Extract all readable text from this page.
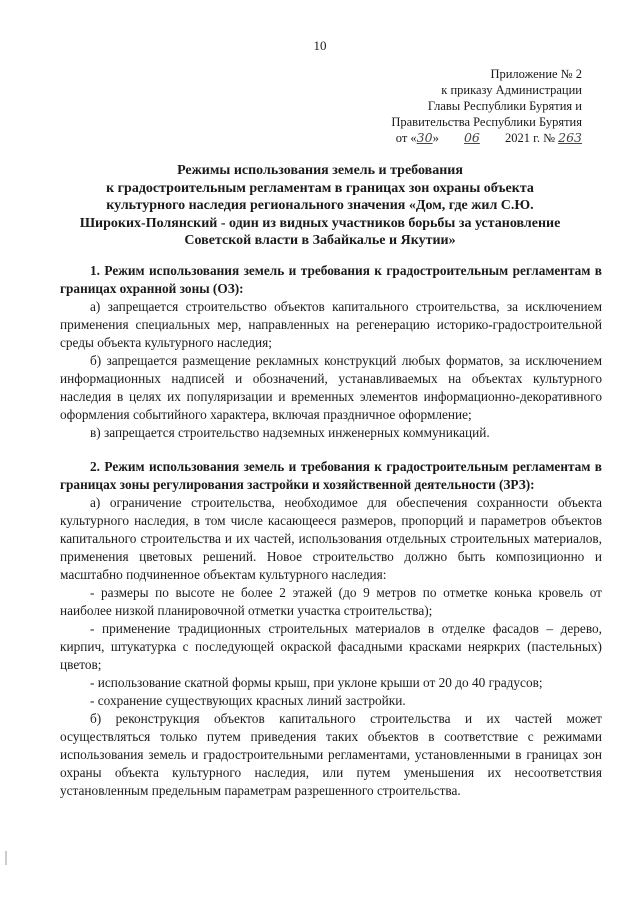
10
Приложение № 2
к приказу Администрации
Главы Республики Бурятия и
Правительства Республики Бурятия
от «30» 06 2021 г. № 263
Режимы использования земель и требования
к градостроительным регламентам в границах зон охраны объекта
культурного наследия регионального значения «Дом, где жил С.Ю.
Широких-Полянский - один из видных участников борьбы за установление
Советской власти в Забайкалье и Якутии»

1. Режим использования земель и требования к градостроительным регламентам в границах охранной зоны (ОЗ):

а) запрещается строительство объектов капитального строительства, за исключением применения специальных мер, направленных на регенерацию историко-градостроительной среды объекта культурного наследия;

б) запрещается размещение рекламных конструкций любых форматов, за исключением информационных надписей и обозначений, устанавливаемых на объектах культурного наследия в целях их популяризации и временных элементов информационно-декоративного оформления событийного характера, включая праздничное оформление;

в) запрещается строительство надземных инженерных коммуникаций.

2. Режим использования земель и требования к градостроительным регламентам в границах зоны регулирования застройки и хозяйственной деятельности (ЗРЗ):

а) ограничение строительства, необходимое для обеспечения сохранности объекта культурного наследия, в том числе касающееся размеров, пропорций и параметров объектов капитального строительства и их частей, использования отдельных строительных материалов, применения цветовых решений. Новое строительство должно быть композиционно и масштабно подчиненное объектам культурного наследия:

- размеры по высоте не более 2 этажей (до 9 метров по отметке конька кровель от наиболее низкой планировочной отметки участка строительства);

- применение традиционных строительных материалов в отделке фасадов – дерево, кирпич, штукатурка с последующей окраской фасадными красками неяркрих (пастельных) цветов;

- использование скатной формы крыш, при уклоне крыши от 20 до 40 градусов;

- сохранение существующих красных линий застройки.

б) реконструкция объектов капитального строительства и их частей может осуществляться только путем приведения таких объектов в соответствие с режимами использования земель и градостроительными регламентами, установленными в границах зон охраны объекта культурного наследия, или путем уменьшения их несоответствия установленным предельным параметрам разрешенного строительства.
